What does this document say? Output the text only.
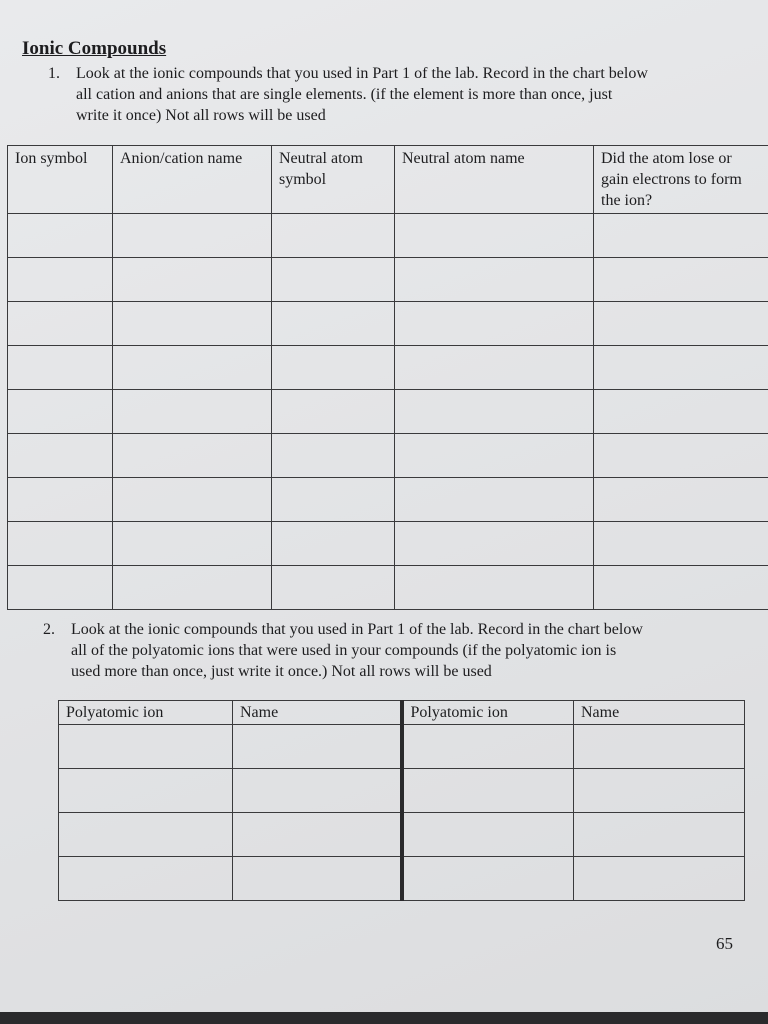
Ionic Compounds
1. Look at the ionic compounds that you used in Part 1 of the lab. Record in the chart below
all cation and anions that are single elements. (if the element is more than once, just
write it once) Not all rows will be used
Ion symbol	Anion/cation name	Neutral atom symbol	Neutral atom name	Did the atom lose or gain electrons to form the ion?

2. Look at the ionic compounds that you used in Part 1 of the lab. Record in the chart below
all of the polyatomic ions that were used in your compounds (if the polyatomic ion is
used more than once, just write it once.) Not all rows will be used
Polyatomic ion	Name	Polyatomic ion	Name

65
